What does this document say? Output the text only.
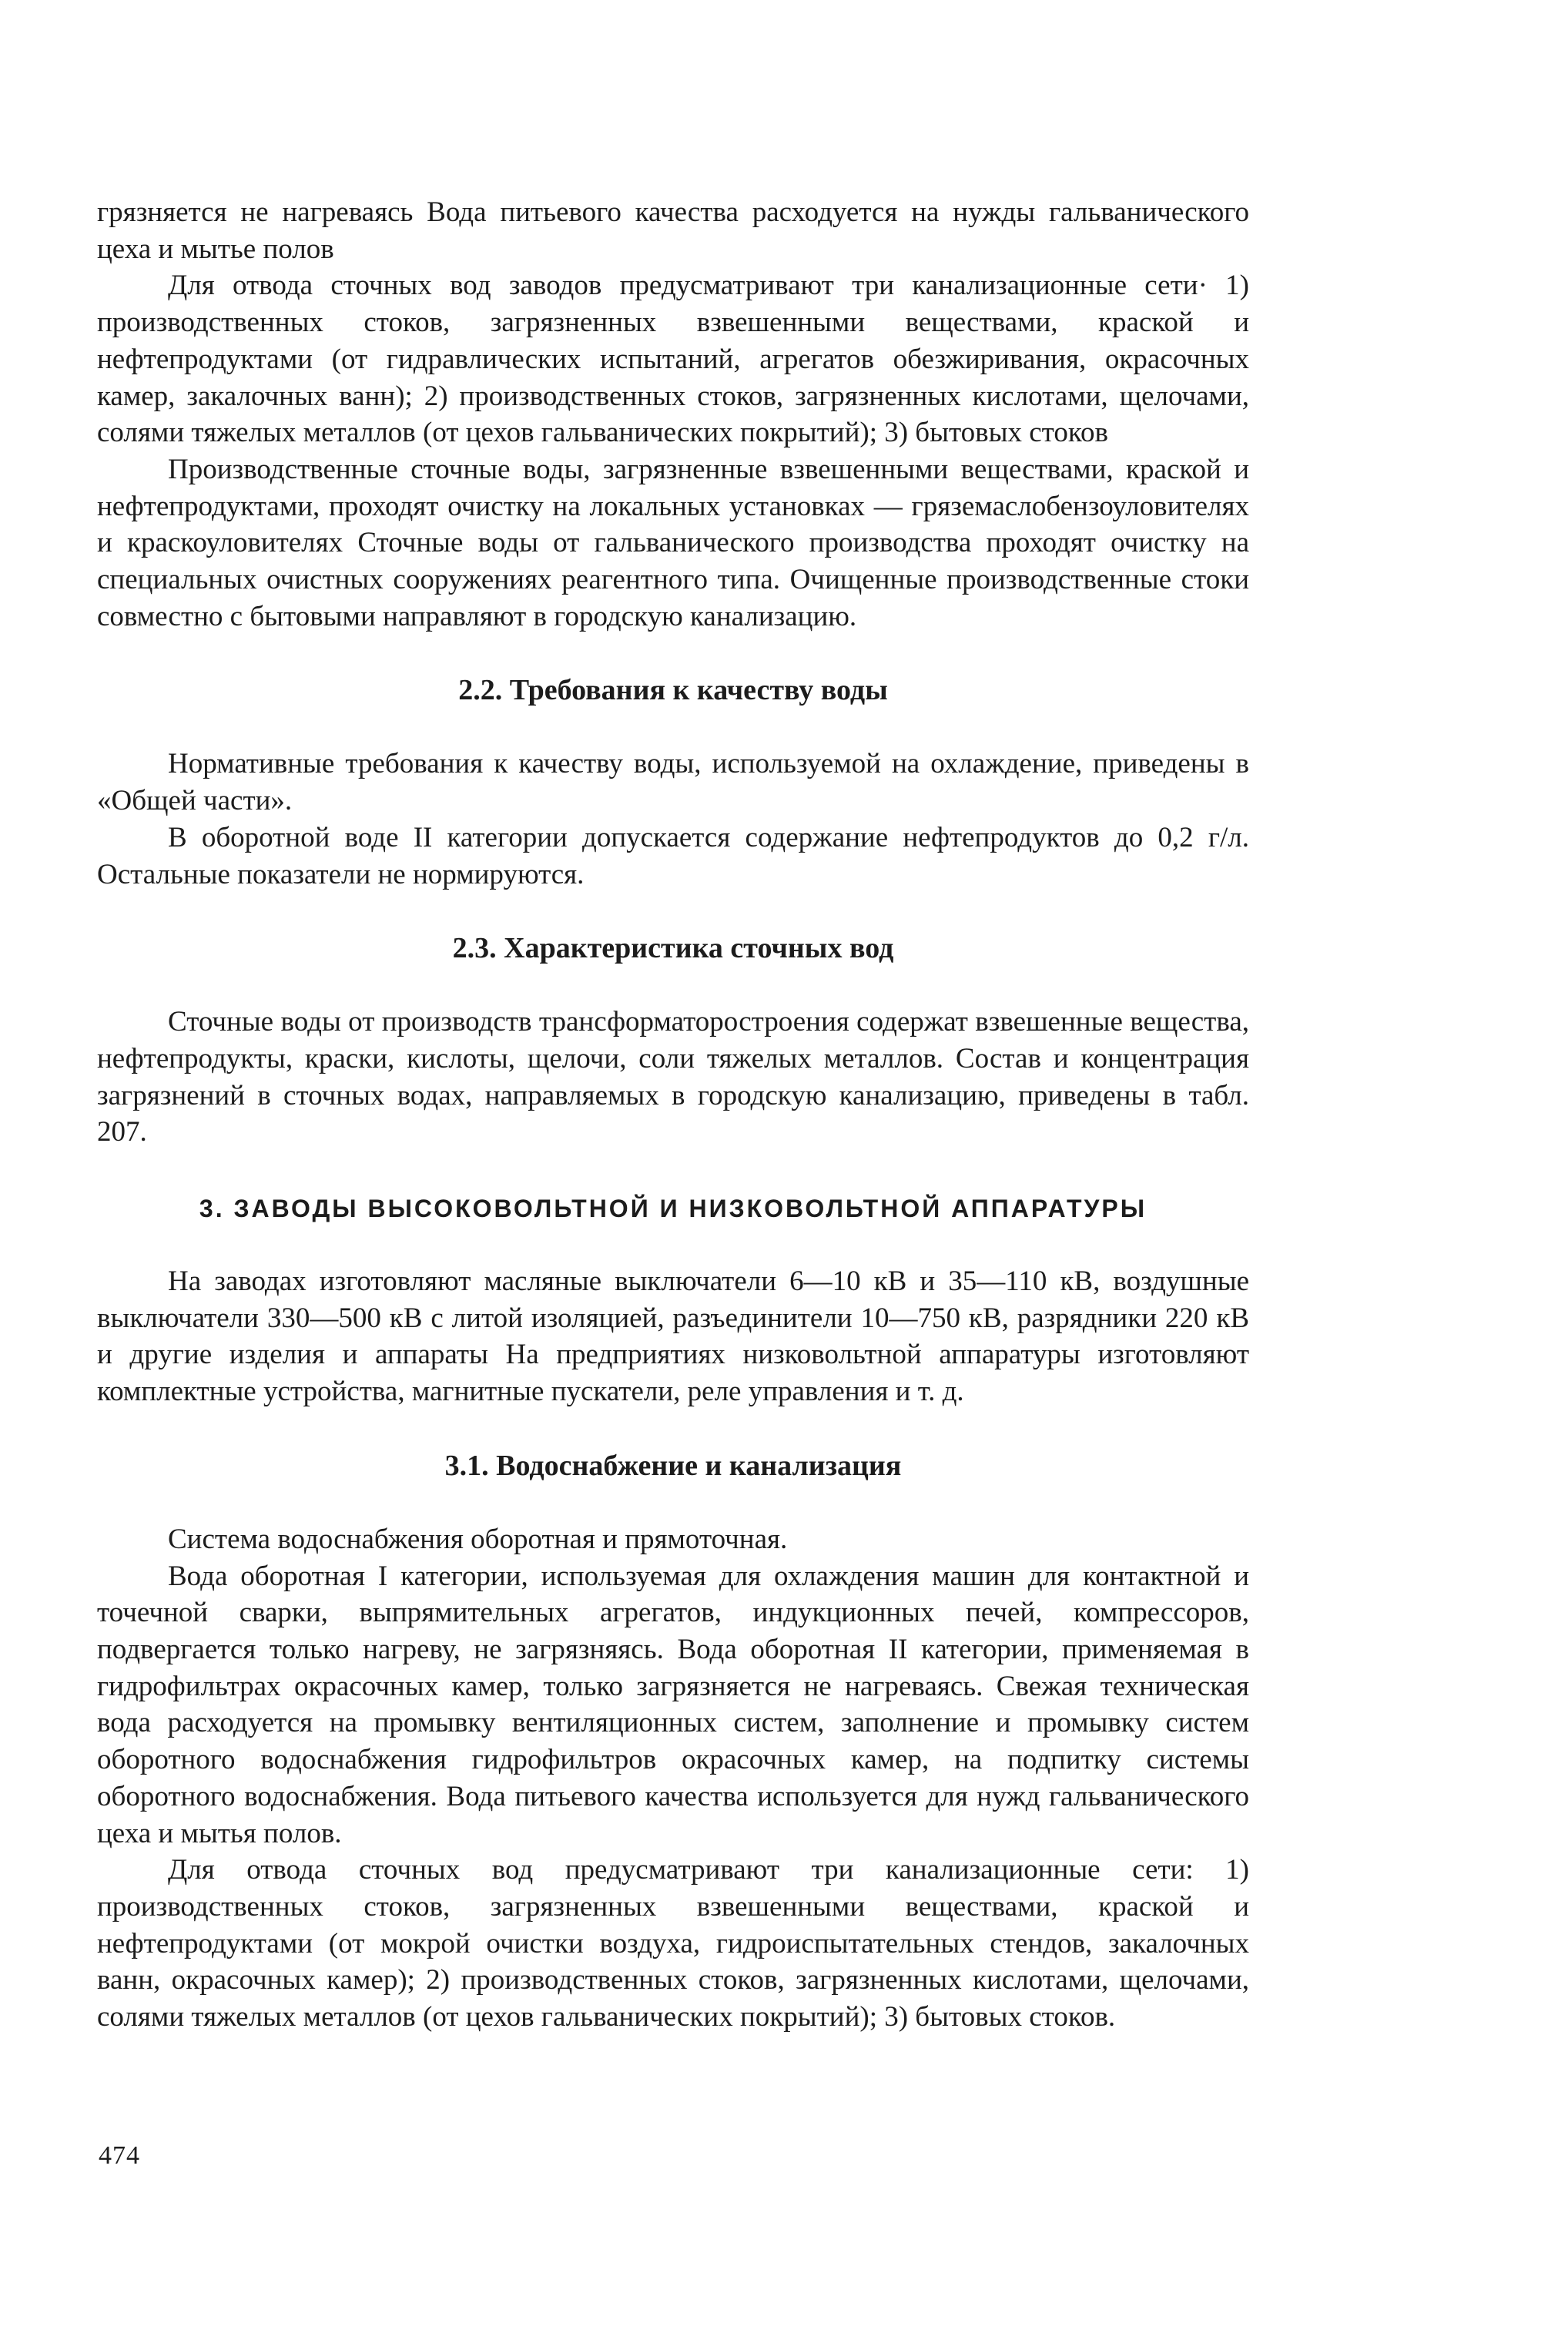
грязняется не нагреваясь Вода питьевого качества расходуется на нужды гальванического цеха и мытье полов

Для отвода сточных вод заводов предусматривают три канализационные сети· 1) производственных стоков, загрязненных взвешенными веществами, краской и нефтепродуктами (от гидравлических испытаний, агрегатов обезжиривания, окрасочных камер, закалочных ванн); 2) производственных стоков, загрязненных кислотами, щелочами, солями тяжелых металлов (от цехов гальванических покрытий); 3) бытовых стоков

Производственные сточные воды, загрязненные взвешенными веществами, краской и нефтепродуктами, проходят очистку на локальных установках — гряземаслобензоуловителях и краскоуловителях Сточные воды от гальванического производства проходят очистку на специальных очистных сооружениях реагентного типа. Очищенные производственные стоки совместно с бытовыми направляют в городскую канализацию.

2.2. Требования к качеству воды

Нормативные требования к качеству воды, используемой на охлаждение, приведены в «Общей части».

В оборотной воде II категории допускается содержание нефтепродуктов до 0,2 г/л. Остальные показатели не нормируются.

2.3. Характеристика сточных вод

Сточные воды от производств трансформаторостроения содержат взвешенные вещества, нефтепродукты, краски, кислоты, щелочи, соли тяжелых металлов. Состав и концентрация загрязнений в сточных водах, направляемых в городскую канализацию, приведены в табл. 207.

3. ЗАВОДЫ ВЫСОКОВОЛЬТНОЙ И НИЗКОВОЛЬТНОЙ АППАРАТУРЫ

На заводах изготовляют масляные выключатели 6—10 кВ и 35—110 кВ, воздушные выключатели 330—500 кВ с литой изоляцией, разъединители 10—750 кВ, разрядники 220 кВ и другие изделия и аппараты На предприятиях низковольтной аппаратуры изготовляют комплектные устройства, магнитные пускатели, реле управления и т. д.

3.1. Водоснабжение и канализация

Система водоснабжения оборотная и прямоточная.

Вода оборотная I категории, используемая для охлаждения машин для контактной и точечной сварки, выпрямительных агрегатов, индукционных печей, компрессоров, подвергается только нагреву, не загрязняясь. Вода оборотная II категории, применяемая в гидрофильтрах окрасочных камер, только загрязняется не нагреваясь. Свежая техническая вода расходуется на промывку вентиляционных систем, заполнение и промывку систем оборотного водоснабжения гидрофильтров окрасочных камер, на подпитку системы оборотного водоснабжения. Вода питьевого качества используется для нужд гальванического цеха и мытья полов.

Для отвода сточных вод предусматривают три канализационные сети: 1) производственных стоков, загрязненных взвешенными веществами, краской и нефтепродуктами (от мокрой очистки воздуха, гидроиспытательных стендов, закалочных ванн, окрасочных камер); 2) производственных стоков, загрязненных кислотами, щелочами, солями тяжелых металлов (от цехов гальванических покрытий); 3) бытовых стоков.

474
